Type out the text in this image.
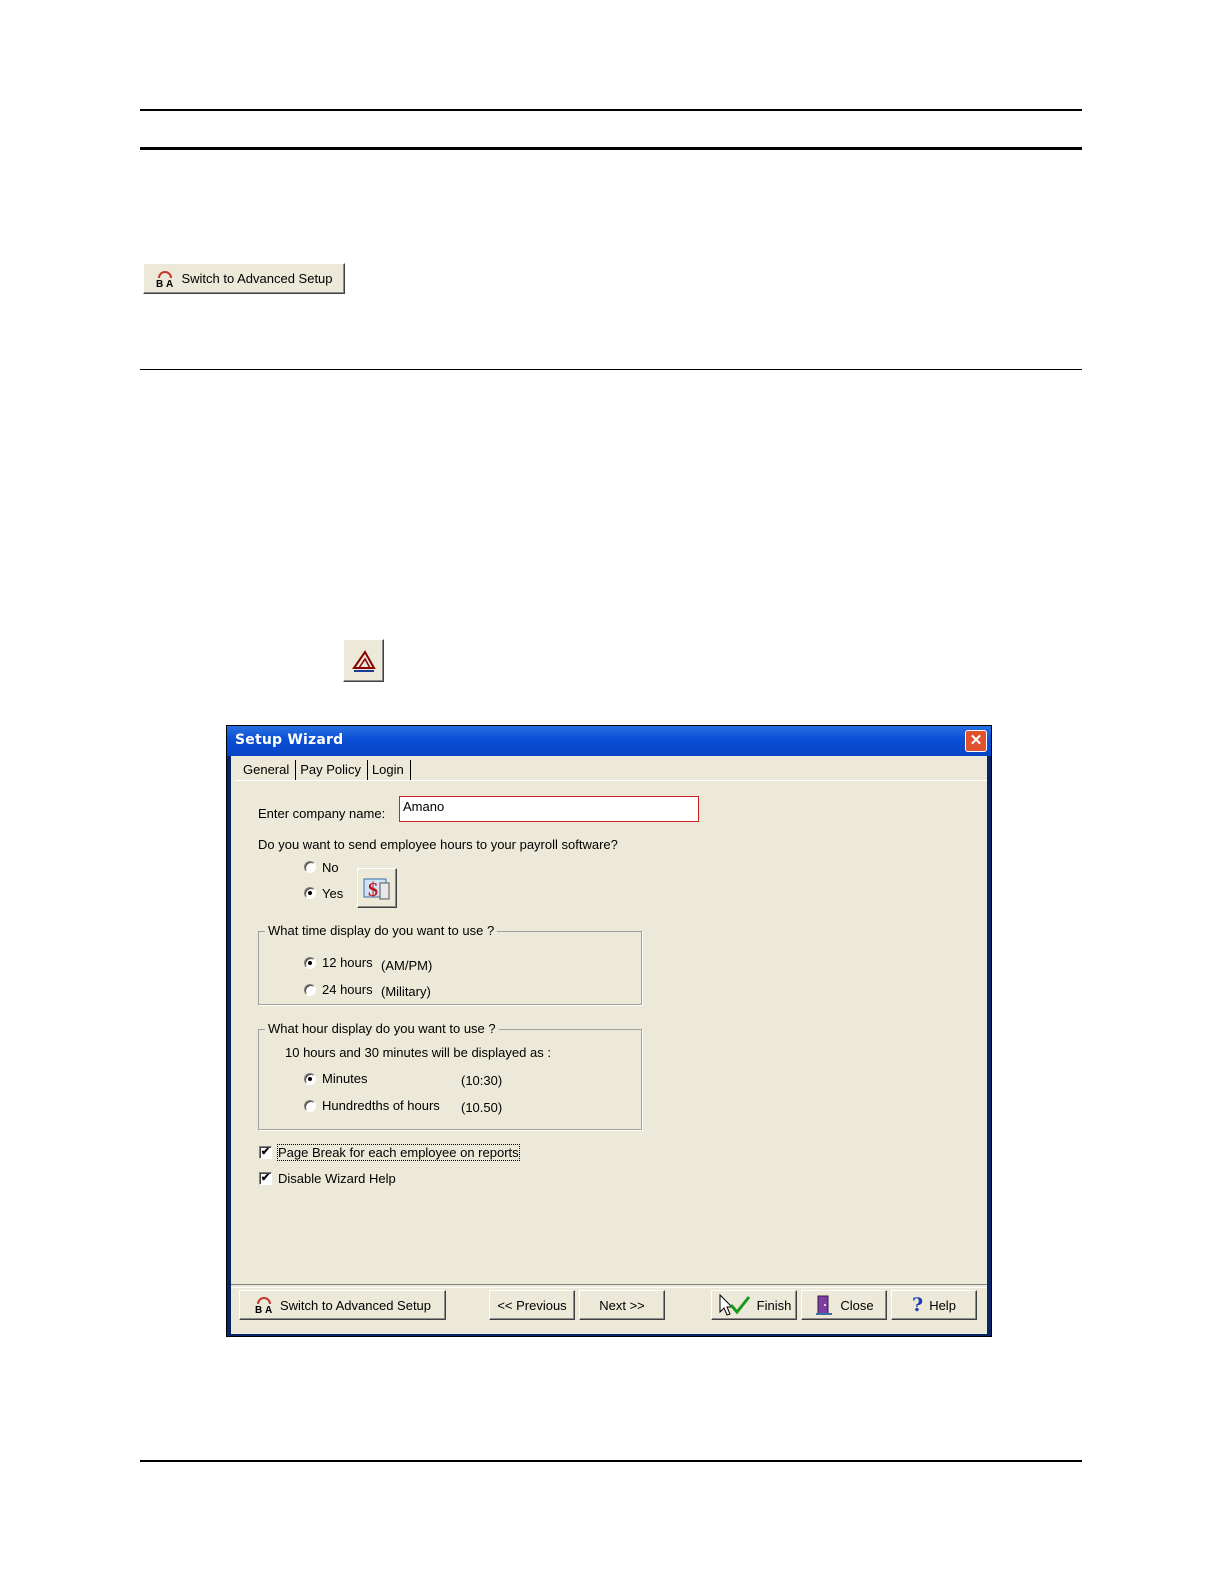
B A Switch to Advanced Setup
Setup Wizard	✕
General Pay Policy Login
Enter company name:	Amano
Do you want to send employee hours to your payroll software?
No
Yes $
What time display do you want to use ?
12 hours (AM/PM)
24 hours (Military)
What hour display do you want to use ?
10 hours and 30 minutes will be displayed as :
Minutes	(10:30)
Hundredths of hours (10.50)
✔ Page Break for each employee on reports
✔ Disable Wizard Help
B A Switch to Advanced Setup	<< Previous	Next >>	Finish	Close ? Help
